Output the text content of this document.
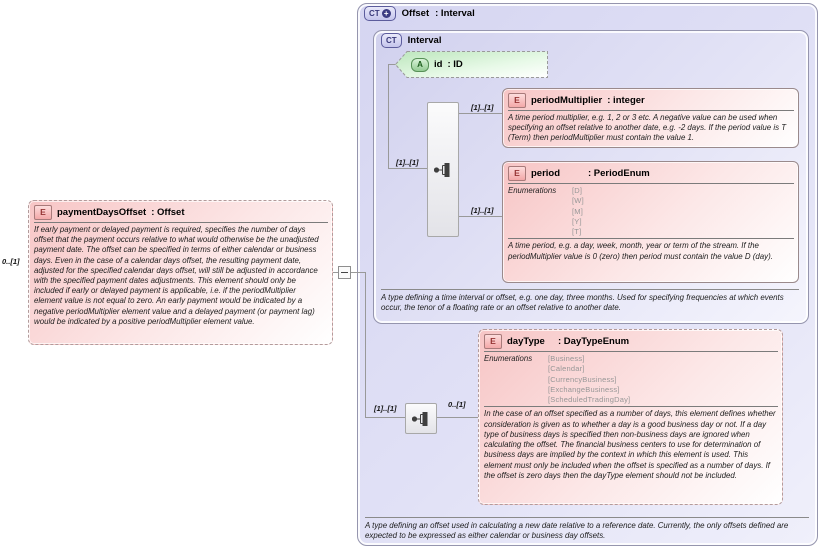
CT + Offset : Interval
CT Interval
A	id : ID
0..[1]
[1]..[1]
[1]..[1]
[1]..[1]
[1]..[1]	0..[1]
E	paymentDaysOffset : Offset
If early payment or delayed payment is required, specifies the number of days offset that the payment occurs relative to what would otherwise be the unadjusted payment date. The offset can be specified in terms of either calendar or business days. Even in the case of a calendar days offset, the resulting payment date, adjusted for the specified calendar days offset, will still be adjusted in accordance with the specified payment dates adjustments. This element should only be included if early or delayed payment is applicable, i.e. if the periodMultiplier element value is not equal to zero. An early payment would be indicated by a negative periodMultiplier element value and a delayed payment (or payment lag) would be indicated by a positive periodMultiplier element value.
E	periodMultiplier : integer
A time period multiplier, e.g. 1, 2 or 3 etc. A negative value can be used when specifying an offset relative to another date, e.g. -2 days. If the period value is T (Term) then periodMultiplier must contain the value 1.
E	period	: PeriodEnum
Enumerations	[D]
[W]
[M]
[Y]
[T]
A time period, e.g. a day, week, month, year or term of the stream. If the periodMultiplier value is 0 (zero) then period must contain the value D (day).
A type defining a time interval or offset, e.g. one day, three months. Used for specifying frequencies at which events occur, the tenor of a floating rate or an offset relative to another date.
E	dayType	: DayTypeEnum
Enumerations	[Business]
[Calendar]
[CurrencyBusiness]
[ExchangeBusiness]
[ScheduledTradingDay]
In the case of an offset specified as a number of days, this element defines whether consideration is given as to whether a day is a good business day or not. If a day type of business days is specified then non-business days are ignored when calculating the offset. The financial business centers to use for determination of business days are implied by the context in which this element is used. This element must only be included when the offset is specified as a number of days. If the offset is zero days then the dayType element should not be included.
A type defining an offset used in calculating a new date relative to a reference date. Currently, the only offsets defined are expected to be expressed as either calendar or business day offsets.
